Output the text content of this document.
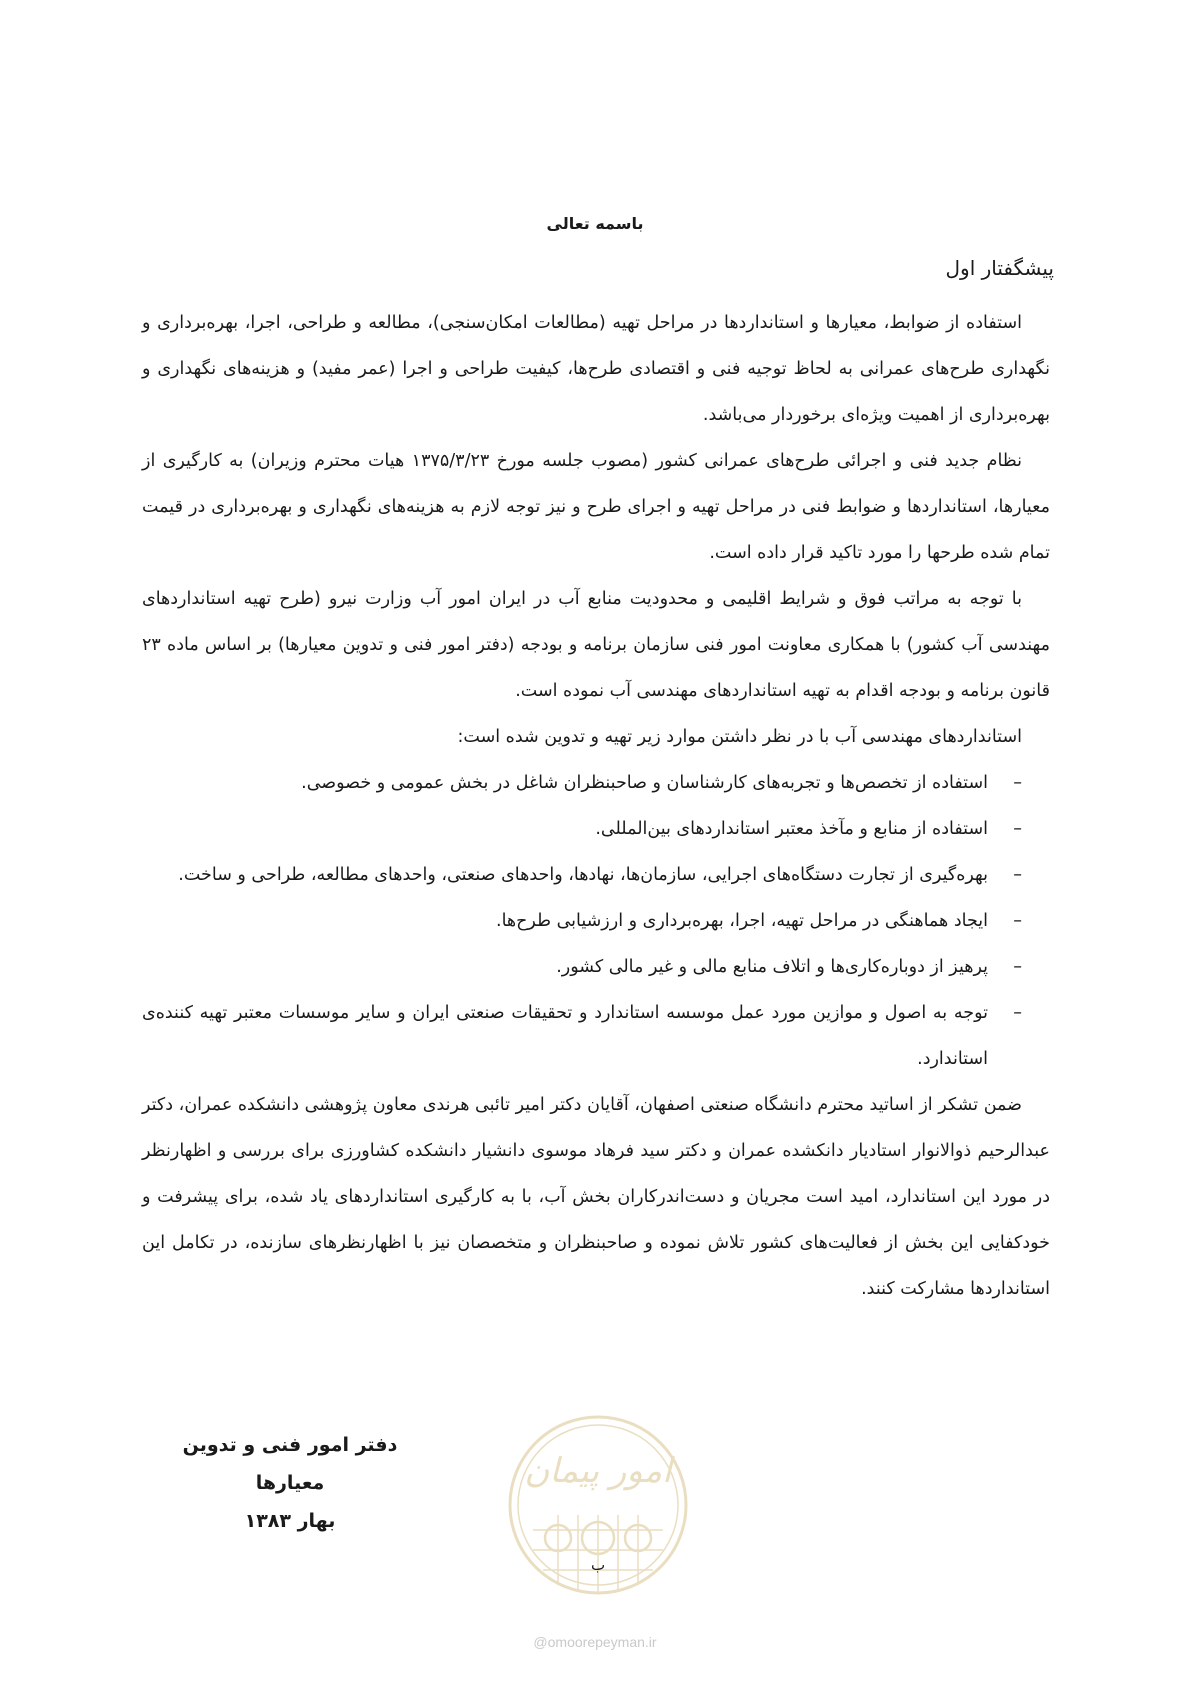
باسمه تعالی
پیشگفتار اول

استفاده از ضوابط، معیارها و استانداردها در مراحل تهیه (مطالعات امکان‌سنجی)، مطالعه و طراحی، اجرا، بهره‌برداری و نگهداری طرح‌های عمرانی به لحاظ توجیه فنی و اقتصادی طرح‌ها، کیفیت طراحی و اجرا (عمر مفید) و هزینه‌های نگهداری و بهره‌برداری از اهمیت ویژه‌ای برخوردار می‌باشد.

نظام جدید فنی و اجرائی طرح‌های عمرانی کشور (مصوب جلسه مورخ ۱۳۷۵/۳/۲۳ هیات محترم وزیران) به کارگیری از معیارها، استانداردها و ضوابط فنی در مراحل تهیه و اجرای طرح و نیز توجه لازم به هزینه‌های نگهداری و بهره‌برداری در قیمت تمام شده طرحها را مورد تاکید قرار داده است.

با توجه به مراتب فوق و شرایط اقلیمی و محدودیت منابع آب در ایران امور آب وزارت نیرو (طرح تهیه استانداردهای مهندسی آب کشور) با همکاری معاونت امور فنی سازمان برنامه و بودجه (دفتر امور فنی و تدوین معیارها) بر اساس ماده ۲۳ قانون برنامه و بودجه اقدام به تهیه استانداردهای مهندسی آب نموده است.

استانداردهای مهندسی آب با در نظر داشتن موارد زیر تهیه و تدوین شده است:

–
استفاده از تخصص‌ها و تجربه‌های کارشناسان و صاحبنظران شاغل در بخش عمومی و خصوصی.
–
استفاده از منابع و مآخذ معتبر استانداردهای بین‌المللی.
–
بهره‌گیری از تجارت دستگاه‌های اجرایی، سازمان‌ها، نهادها، واحدهای صنعتی، واحدهای مطالعه، طراحی و ساخت.
–
ایجاد هماهنگی در مراحل تهیه، اجرا، بهره‌برداری و ارزشیابی طرح‌ها.
–
پرهیز از دوباره‌کاری‌ها و اتلاف منابع مالی و غیر مالی کشور.
–
توجه به اصول و موازین مورد عمل موسسه استاندارد و تحقیقات صنعتی ایران و سایر موسسات معتبر تهیه کننده‌ی استاندارد.

ضمن تشکر از اساتید محترم دانشگاه صنعتی اصفهان، آقایان دکتر امیر تائبی هرندی معاون پژوهشی دانشکده عمران، دکتر عبدالرحیم ذوالانوار استادیار دانکشده عمران و دکتر سید فرهاد موسوی دانشیار دانشکده کشاورزی برای بررسی و اظهارنظر در مورد این استاندارد، امید است مجریان و دست‌اندرکاران بخش آب، با به کارگیری استانداردهای یاد شده، برای پیشرفت و خودکفایی این بخش از فعالیت‌های کشور تلاش نموده و صاحبنظران و متخصصان نیز با اظهارنظرهای سازنده، در تکامل این استانداردها مشارکت کنند.

دفتر امور فنی و تدوین معیارها
بهار ۱۳۸۳
امور پیمان
ب
@omoorepeyman.ir
